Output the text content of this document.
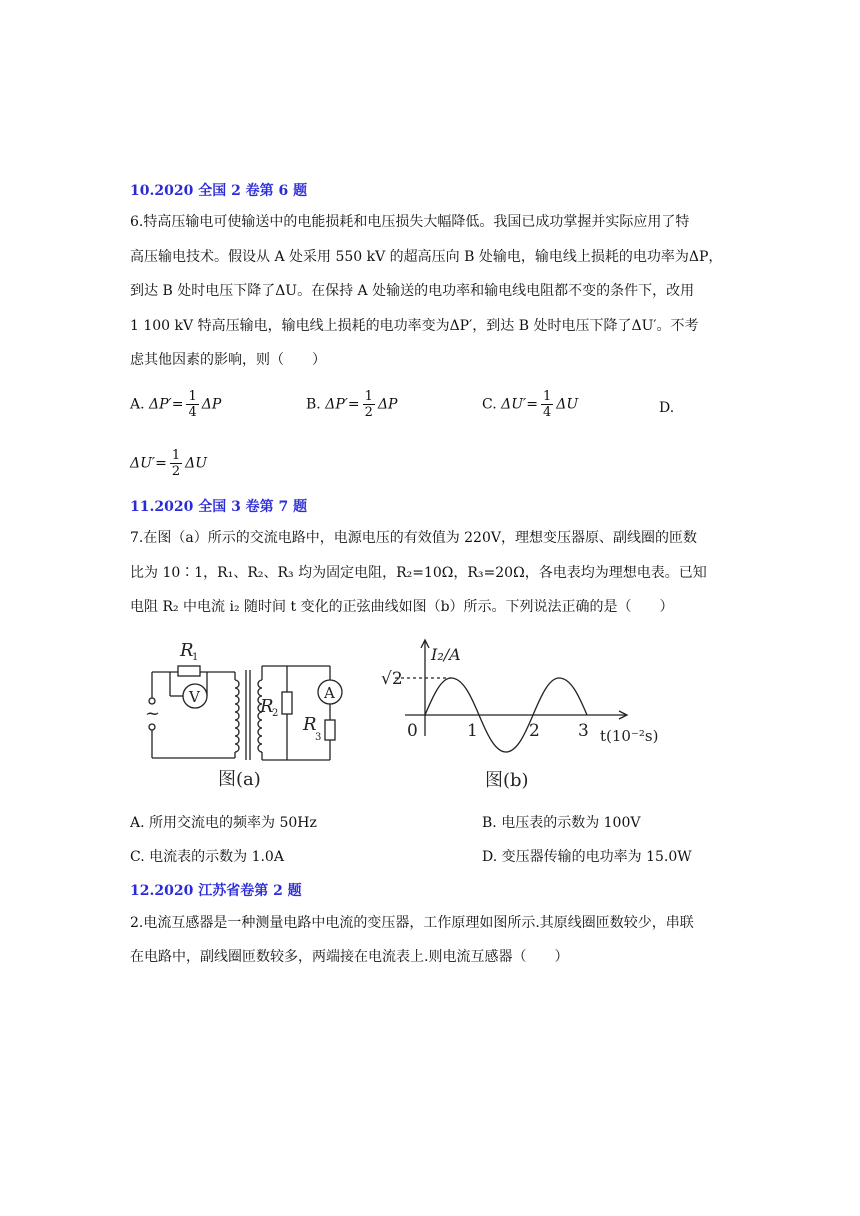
10.2020 全国 2 卷第 6 题
6.特高压输电可使输送中的电能损耗和电压损失大幅降低。我国已成功掌握并实际应用了特
高压输电技术。假设从 A 处采用 550 kV 的超高压向 B 处输电，输电线上损耗的电功率为ΔP，
到达 B 处时电压下降了ΔU。在保持 A 处输送的电功率和输电线电阻都不变的条件下，改用
1 100 kV 特高压输电，输电线上损耗的电功率变为ΔP′，到达 B 处时电压下降了ΔU′。不考
虑其他因素的影响，则（　　）
A. $\Delta P'= \frac{1}{4}$ ΔP	B. $\Delta P'= \frac{1}{2}$ ΔP	C. $\Delta U'= \frac{1}{4}$ ΔU	D.
$\Delta U'= \frac{1}{2}$ ΔU
11.2020 全国 3 卷第 7 题
7.在图（a）所示的交流电路中，电源电压的有效值为 220V，理想变压器原、副线圈的匝数
比为 10∶1，R₁、R₂、R₃ 均为固定电阻，R₂=10Ω，R₃=20Ω，各电表均为理想电表。已知
电阻 R₂ 中电流 i₂ 随时间 t 变化的正弦曲线如图（b）所示。下列说法正确的是（　　）
R
1
V	A
R
2
R
3
~
图(a)
I₂/A
√2
0	1	2 3 t(10⁻²s)
图(b)
A. 所用交流电的频率为 50Hz	B. 电压表的示数为 100V
C. 电流表的示数为 1.0A	D. 变压器传输的电功率为 15.0W
12.2020 江苏省卷第 2 题
2.电流互感器是一种测量电路中电流的变压器，工作原理如图所示.其原线圈匝数较少，串联
在电路中，副线圈匝数较多，两端接在电流表上.则电流互感器（　　）
